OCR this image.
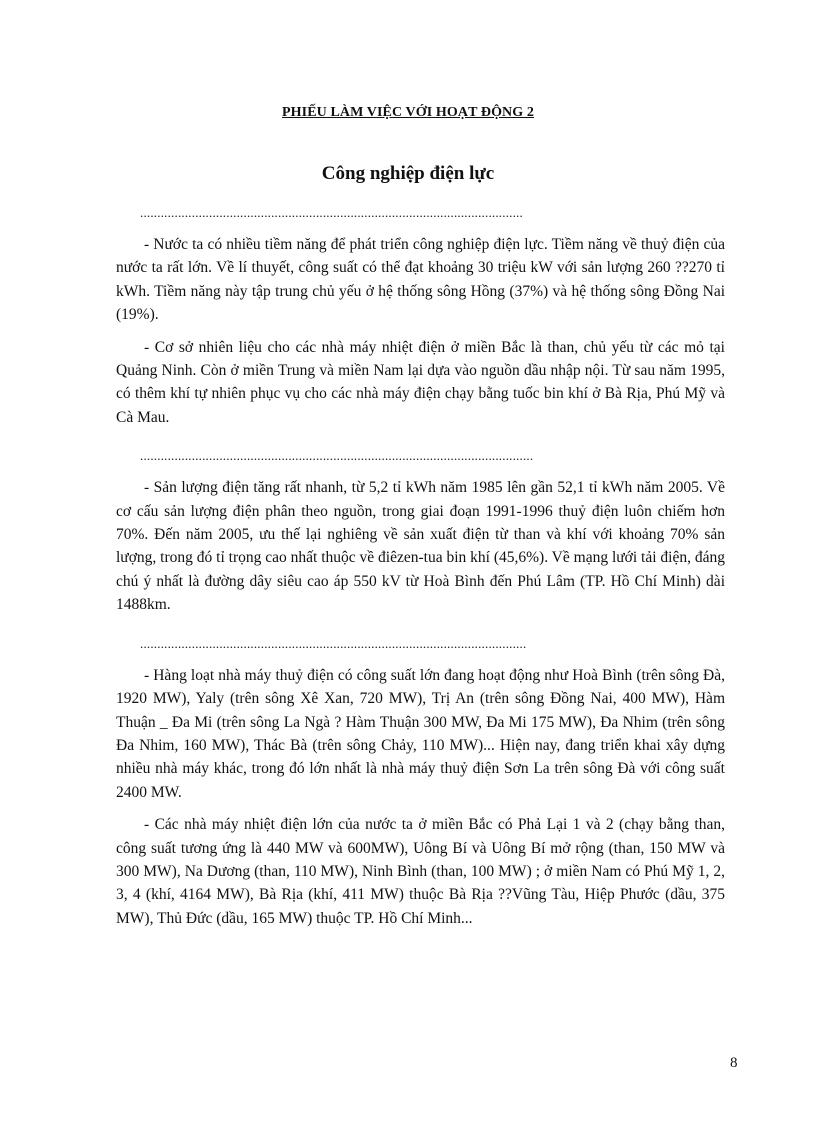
PHIẾU LÀM VIỆC VỚI HOẠT ĐỘNG 2
Công nghiệp điện lực
...............................................................................................................

- Nước ta có nhiều tiềm năng để phát triển công nghiệp điện lực. Tiềm năng về thuỷ điện của nước ta rất lớn. Về lí thuyết, công suất có thể đạt khoảng 30 triệu kW với sản lượng 260 ??270 tỉ kWh. Tiềm năng này tập trung chủ yếu ở hệ thống sông Hồng (37%) và hệ thống sông Đồng Nai (19%).

- Cơ sở nhiên liệu cho các nhà máy nhiệt điện ở miền Bắc là than, chủ yếu từ các mỏ tại Quảng Ninh. Còn ở miền Trung và miền Nam lại dựa vào nguồn dầu nhập nội. Từ sau năm 1995, có thêm khí tự nhiên phục vụ cho các nhà máy điện chạy bằng tuốc bin khí ở Bà Rịa, Phú Mỹ và Cà Mau.

..................................................................................................................

- Sản lượng điện tăng rất nhanh, từ 5,2 tỉ kWh năm 1985 lên gần 52,1 tỉ kWh năm 2005. Về cơ cấu sản lượng điện phân theo nguồn, trong giai đoạn 1991-1996 thuỷ điện luôn chiếm hơn 70%. Đến năm 2005, ưu thế lại nghiêng về sản xuất điện từ than và khí với khoảng 70% sản lượng, trong đó tỉ trọng cao nhất thuộc về điêzen-tua bin khí (45,6%). Về mạng lưới tải điện, đáng chú ý nhất là đường dây siêu cao áp 550 kV từ Hoà Bình đến Phú Lâm (TP. Hồ Chí Minh) dài 1488km.

................................................................................................................

- Hàng loạt nhà máy thuỷ điện có công suất lớn đang hoạt động như Hoà Bình (trên sông Đà, 1920 MW), Yaly (trên sông Xê Xan, 720 MW), Trị An (trên sông Đồng Nai, 400 MW), Hàm Thuận _ Đa Mi (trên sông La Ngà ? Hàm Thuận 300 MW, Đa Mi 175 MW), Đa Nhim (trên sông Đa Nhim, 160 MW), Thác Bà (trên sông Chảy, 110 MW)... Hiện nay, đang triển khai xây dựng nhiều nhà máy khác, trong đó lớn nhất là nhà máy thuỷ điện Sơn La trên sông Đà với công suất 2400 MW.

- Các nhà máy nhiệt điện lớn của nước ta ở miền Bắc có Phả Lại 1 và 2 (chạy bằng than, công suất tương ứng là 440 MW và 600MW), Uông Bí và Uông Bí mở rộng (than, 150 MW và 300 MW), Na Dương (than, 110 MW), Ninh Bình (than, 100 MW) ; ở miền Nam có Phú Mỹ 1, 2, 3, 4 (khí, 4164 MW), Bà Rịa (khí, 411 MW) thuộc Bà Rịa ??Vũng Tàu, Hiệp Phước (dầu, 375 MW), Thủ Đức (dầu, 165 MW) thuộc TP. Hồ Chí Minh...

8
